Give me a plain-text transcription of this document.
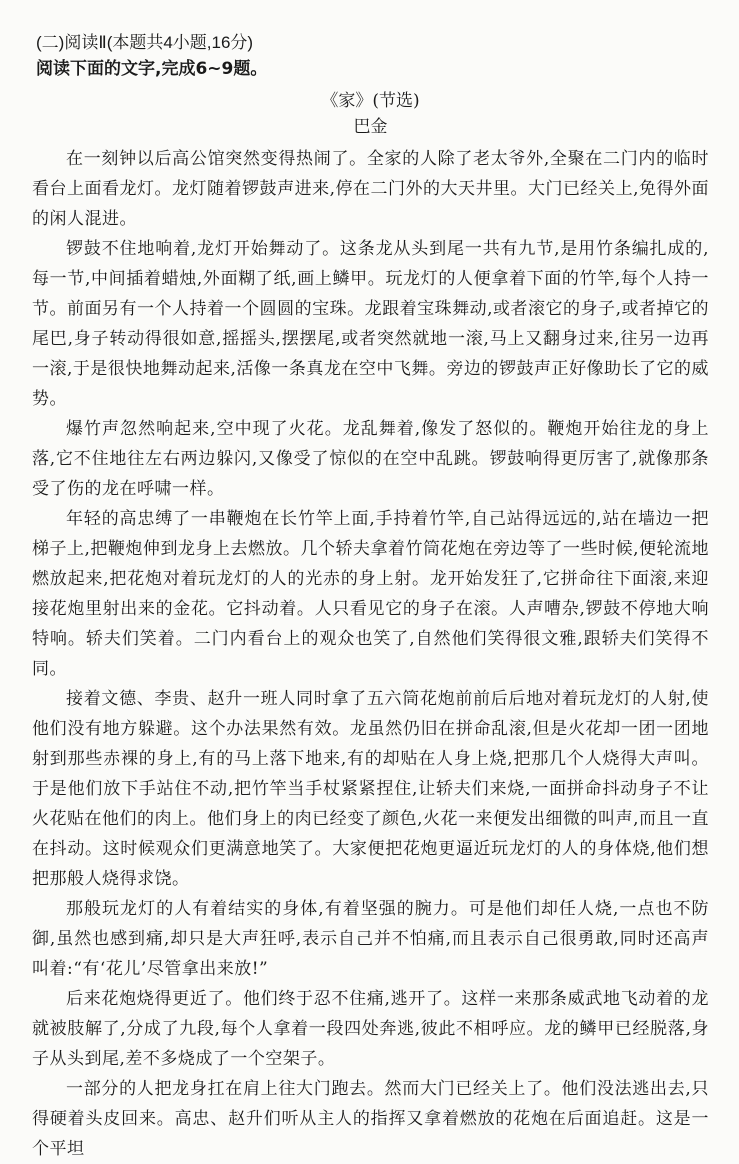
(二)阅读Ⅱ(本题共4小题,16分)
阅读下面的文字,完成6~9题。
《家》(节选)
巴金

在一刻钟以后高公馆突然变得热闹了。全家的人除了老太爷外,全聚在二门内的临时看台上面看龙灯。龙灯随着锣鼓声进来,停在二门外的大天井里。大门已经关上,免得外面的闲人混进。

锣鼓不住地响着,龙灯开始舞动了。这条龙从头到尾一共有九节,是用竹条编扎成的,每一节,中间插着蜡烛,外面糊了纸,画上鳞甲。玩龙灯的人便拿着下面的竹竿,每个人持一节。前面另有一个人持着一个圆圆的宝珠。龙跟着宝珠舞动,或者滚它的身子,或者掉它的尾巴,身子转动得很如意,摇摇头,摆摆尾,或者突然就地一滚,马上又翻身过来,往另一边再一滚,于是很快地舞动起来,活像一条真龙在空中飞舞。旁边的锣鼓声正好像助长了它的威势。

爆竹声忽然响起来,空中现了火花。龙乱舞着,像发了怒似的。鞭炮开始往龙的身上落,它不住地往左右两边躲闪,又像受了惊似的在空中乱跳。锣鼓响得更厉害了,就像那条受了伤的龙在呼啸一样。

年轻的高忠缚了一串鞭炮在长竹竿上面,手持着竹竿,自己站得远远的,站在墙边一把梯子上,把鞭炮伸到龙身上去燃放。几个轿夫拿着竹筒花炮在旁边等了一些时候,便轮流地燃放起来,把花炮对着玩龙灯的人的光赤的身上射。龙开始发狂了,它拼命往下面滚,来迎接花炮里射出来的金花。它抖动着。人只看见它的身子在滚。人声嘈杂,锣鼓不停地大响特响。轿夫们笑着。二门内看台上的观众也笑了,自然他们笑得很文雅,跟轿夫们笑得不同。

接着文德、李贵、赵升一班人同时拿了五六筒花炮前前后后地对着玩龙灯的人射,使他们没有地方躲避。这个办法果然有效。龙虽然仍旧在拼命乱滚,但是火花却一团一团地射到那些赤裸的身上,有的马上落下地来,有的却贴在人身上烧,把那几个人烧得大声叫。于是他们放下手站住不动,把竹竿当手杖紧紧捏住,让轿夫们来烧,一面拼命抖动身子不让火花贴在他们的肉上。他们身上的肉已经变了颜色,火花一来便发出细微的叫声,而且一直在抖动。这时候观众们更满意地笑了。大家便把花炮更逼近玩龙灯的人的身体烧,他们想把那般人烧得求饶。

那般玩龙灯的人有着结实的身体,有着坚强的腕力。可是他们却任人烧,一点也不防御,虽然也感到痛,却只是大声狂呼,表示自己并不怕痛,而且表示自己很勇敢,同时还高声叫着:“有‘花儿’尽管拿出来放!”

后来花炮烧得更近了。他们终于忍不住痛,逃开了。这样一来那条威武地飞动着的龙就被肢解了,分成了九段,每个人拿着一段四处奔逃,彼此不相呼应。龙的鳞甲已经脱落,身子从头到尾,差不多烧成了一个空架子。

一部分的人把龙身扛在肩上往大门跑去。然而大门已经关上了。他们没法逃出去,只得硬着头皮回来。高忠、赵升们听从主人的指挥又拿着燃放的花炮在后面追赶。这是一个平坦
